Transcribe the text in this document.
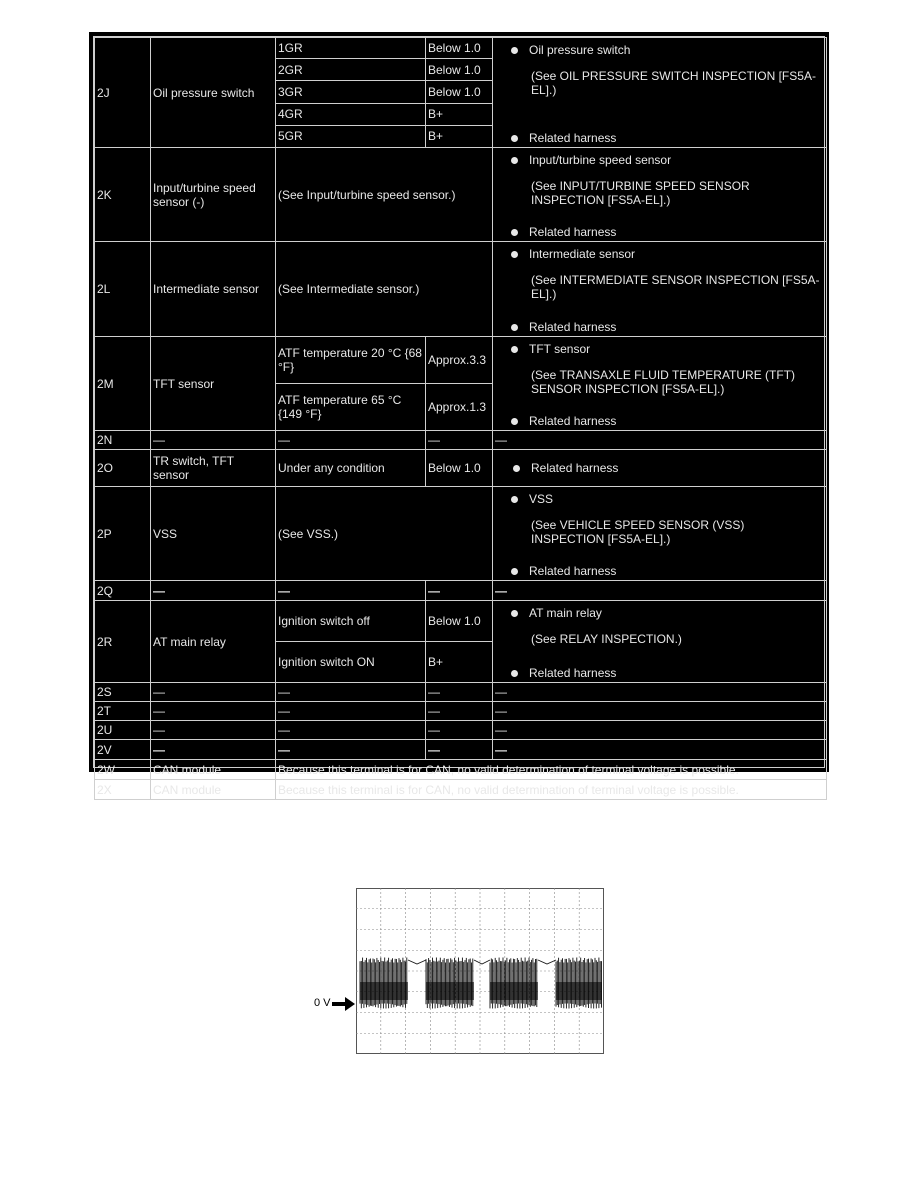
2J	Oil pressure switch	1GR	Below 1.0	Oil pressure switch
(See OIL PRESSURE SWITCH INSPECTION [FS5A-EL].)
Related harness

		2GR	Below 1.0	
		3GR	Below 1.0	
		4GR	B+	
		5GR	B+	
2K	Input/turbine speed sensor (-)	(See Input/turbine speed sensor.)		Input/turbine speed sensor
(See INPUT/TURBINE SPEED SENSOR INSPECTION [FS5A-EL].)
Related harness

2L	Intermediate sensor	(See Intermediate sensor.)		Intermediate sensor
(See INTERMEDIATE SENSOR INSPECTION [FS5A-EL].)
Related harness

2M	TFT sensor	ATF temperature 20 °C {68 °F}	Approx.3.3	TFT sensor
(See TRANSAXLE FLUID TEMPERATURE (TFT) SENSOR INSPECTION [FS5A-EL].)
Related harness

		ATF temperature 65 °C {149 °F}	Approx.1.3	
2N	—	—	—	—
2O	TR switch, TFT sensor	Under any condition	Below 1.0	Related harness

2P	VSS	(See VSS.)		VSS
(See VEHICLE SPEED SENSOR (VSS) INSPECTION [FS5A-EL].)
Related harness

2Q	—	—	—	—
2R	AT main relay	Ignition switch off	Below 1.0	AT main relay
(See RELAY INSPECTION.)
Related harness

		Ignition switch ON	B+	
2S	—	—	—	—
2T	—	—	—	—
2U	—	—	—	—
2V	—	—	—	—
2W	CAN module	Because this terminal is for CAN, no valid determination of terminal voltage is possible.		
2X	CAN module	Because this terminal is for CAN, no valid determination of terminal voltage is possible.		
0 V
